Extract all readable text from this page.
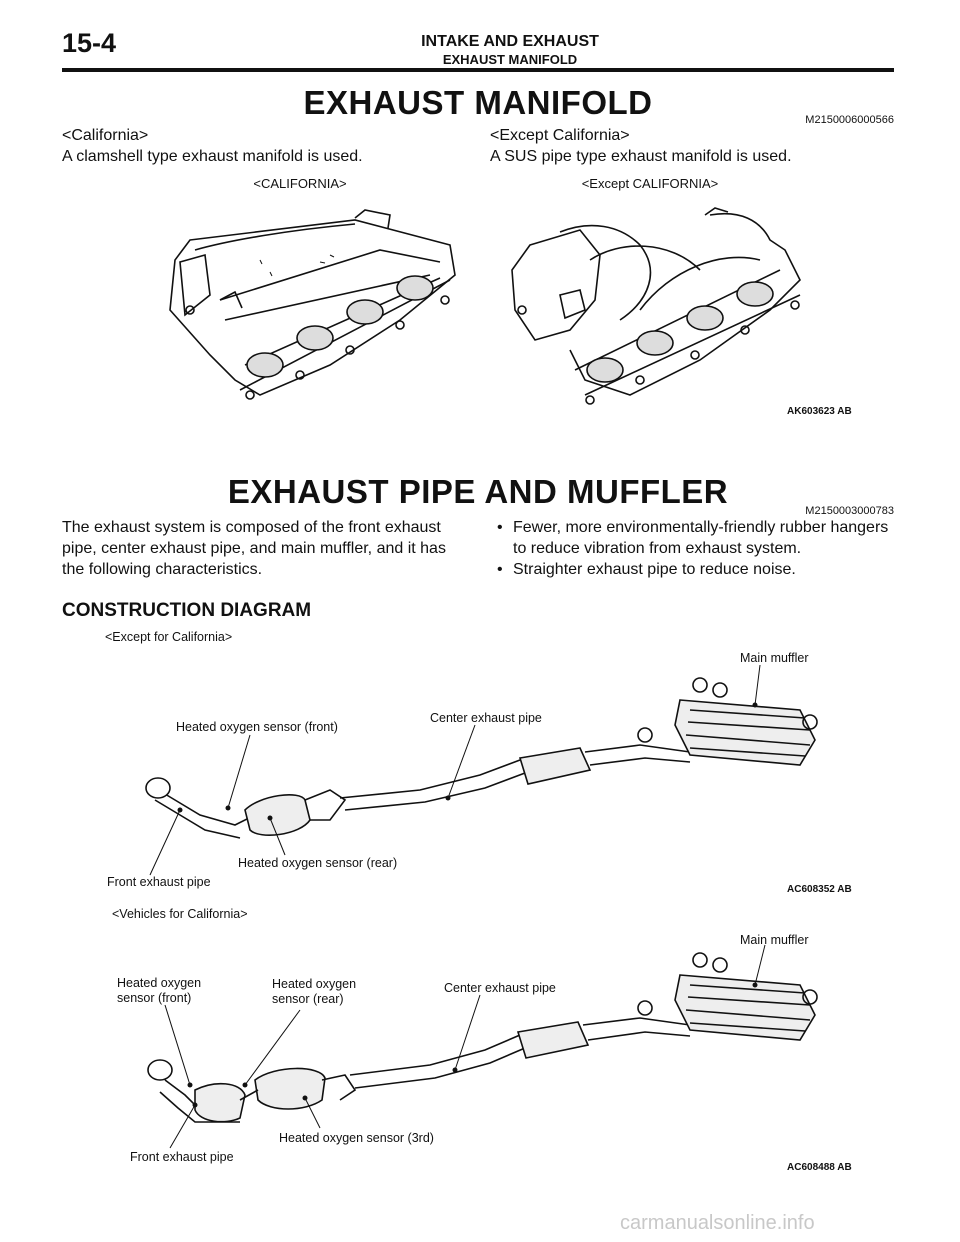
15-4	INTAKE AND EXHAUST
EXHAUST MANIFOLD
EXHAUST MANIFOLD	M2150006000566
<California>
A clamshell type exhaust manifold is used.
<Except California>
A SUS pipe type exhaust manifold is used.
<CALIFORNIA>	<Except CALIFORNIA>
AK603623 AB
EXHAUST PIPE AND MUFFLER
M2150003000783
The exhaust system is composed of the front exhaust pipe, center exhaust pipe, and main muffler, and it has the following characteristics.
• Fewer, more environmentally-friendly rubber hangers to reduce vibration from exhaust system.
• Straighter exhaust pipe to reduce noise.
CONSTRUCTION DIAGRAM
<Except for California>
Main muffler
Center exhaust pipe
Heated oxygen sensor (front)
Heated oxygen sensor (rear)
Front exhaust pipe
AC608352 AB
<Vehicles for California>
Main muffler
Heated oxygen
sensor (front)
Heated oxygen
sensor (rear)
Center exhaust pipe
Heated oxygen sensor (3rd)
Front exhaust pipe
AC608488 AB
carmanualsonline.info
